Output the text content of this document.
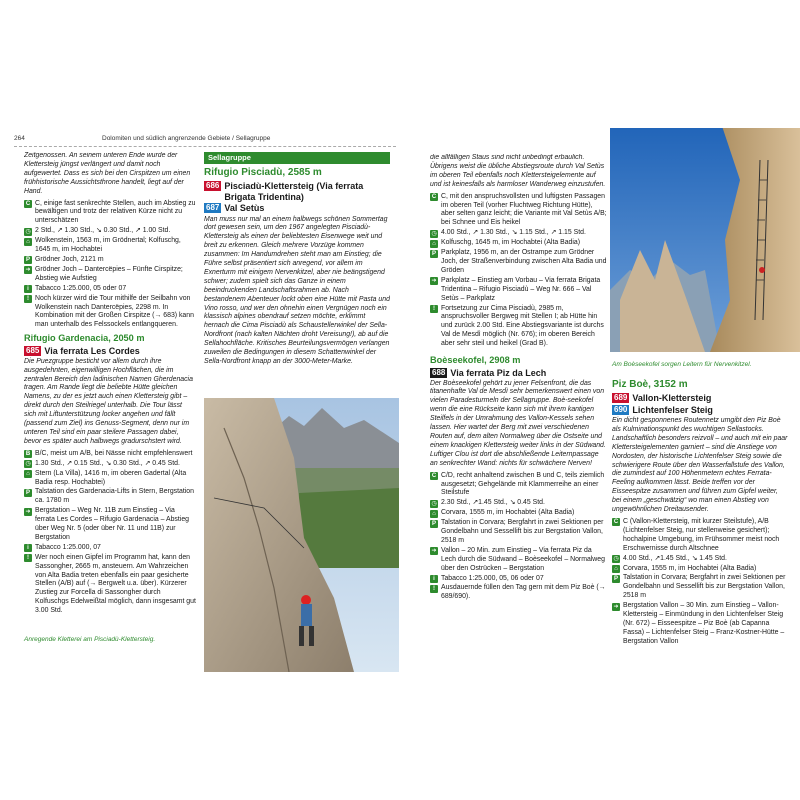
264	Dolomiten und südlich angrenzende Gebiete / Sellagruppe

Zeitgenossen. An seinem unteren Ende wurde der Klettersteig jüngst verlängert und damit noch aufgewertet. Dass es sich bei den Cirspitzen um einen frühhistorische Aussichtsthrone handelt, liegt auf der Hand.

C C, einige fast senkrechte Stellen, auch im Abstieg zu bewältigen und trotz der relativen Kürze nicht zu unterschätzen
◷ 2 Std., ↗ 1.30 Std., ↘ 0.30 Std., ↗ 1.00 Std.
⌂ Wolkenstein, 1563 m, im Grödnertal; Kolfuschg, 1645 m, im Hochabtei
P Grödner Joch, 2121 m
➜ Grödner Joch – Dantercëpies – Fünfte Cirspitze; Abstieg wie Aufstieg
i Tabacco 1:25.000, 05 oder 07
! Noch kürzer wird die Tour mithilfe der Seilbahn von Wolkenstein nach Dantercëpies, 2298 m. In Kombination mit der Großen Cirspitze (→ 683) kann man unterhalb des Felssockels entlangqueren.
Rifugio Gardenacia, 2050 m
685 Via ferrata Les Cordes

Die Puezgruppe besticht vor allem durch ihre ausgedehnten, eigenwilligen Hochflächen, die im zentralen Bereich den ladinischen Namen Gherdenacia tragen. Am Rande liegt die beliebte Hütte gleichen Namens, zu der es jetzt auch einen Klettersteig gibt – direkt durch den Steilriegel unterhalb. Die Tour lässt sich mit Liftunterstützung locker angehen und fällt (passend zum Ziel) ins Genuss-Segment, denn nur im unteren Teil sind ein paar steilere Passagen dabei, bevor es später auch halbwegs gradurschstert wird.

B B/C, meist um A/B, bei Nässe nicht empfehlenswert
◷ 1.30 Std., ↗ 0.15 Std., ↘ 0.30 Std., ↗ 0.45 Std.
⌂ Stern (La Villa), 1416 m, im oberen Gadertal (Alta Badia resp. Hochabtei)
P Talstation des Gardenacia-Lifts in Stern, Bergstation ca. 1780 m
➜ Bergstation – Weg Nr. 11B zum Einstieg – Via ferrata Les Cordes – Rifugio Gardenacia – Abstieg über Weg Nr. 5 (oder über Nr. 11 und 11B) zur Bergstation
i Tabacco 1:25.000, 07
! Wer noch einen Gipfel im Programm hat, kann den Sassongher, 2665 m, ansteuern. Am Wahrzeichen von Alta Badia treten ebenfalls ein paar gesicherte Stellen (A/B) auf (→ Bergwelt u.a. über). Kürzerer Zustieg zur Forcella di Sassongher durch Kolfuschgs Edelweißtal möglich, dann insgesamt gut 3.00 Std.
Anregende Kletterei am Pisciadù-Klettersteig.
Sellagruppe
Rifugio Pisciadù, 2585 m
686 Pisciadù-Klettersteig (Via ferrata Brigata Tridentina)
687 Val Setùs

Man muss nur mal an einem halbwegs schönen Sommertag dort gewesen sein, um den 1967 angelegten Pisciadù-Klettersteig als einen der beliebtesten Eisenwege weit und breit zu erkennen. Gleich mehrere Vorzüge kommen zusammen: Im Handumdrehen steht man am Einstieg; die Führe selbst präsentiert sich anregend, vor allem im Exnerturm mit einigem Nervenkitzel, aber nie beängstigend schwer; zudem spielt sich das Ganze in einem beeindruckenden Landschaftsrahmen ab. Nach bestandenem Abenteuer lockt oben eine Hütte mit Pasta und Vino rosso, und wer den ohnehin einen Vergnügen noch ein klassisch alpines obendrauf setzen möchte, erklimmt hernach die Cima Pisciadù als Schaustellerwinkel der Sella-Nordfront (nach kalten Nächten droht Vereisung!), ab auf die Sellahochfläche. Kritisches Beurteilungsvermögen verlangen zuweilen die Bedingungen in diesem Schattenwinkel der Sella-Nordfront knapp an der 3000-Meter-Marke.

die allfälligen Staus sind nicht unbedingt erbaulich. Übrigens weist die übliche Abstiegsroute durch Val Setùs im oberen Teil ebenfalls noch Klettersteigelemente auf und ist keinesfalls als harmloser Wanderweg einzustufen.

C C, mit den anspruchsvollsten und luftigsten Passagen im oberen Teil (vorher Fluchtweg Richtung Hütte), aber selten ganz leicht; die Variante mit Val Setùs A/B; bei Schnee und Eis heikel
◷ 4.00 Std., ↗ 1.30 Std., ↘ 1.15 Std., ↗ 1.15 Std.
⌂ Kolfuschg, 1645 m, im Hochabtei (Alta Badia)
P Parkplatz, 1956 m, an der Ostrampe zum Grödner Joch, der Straßenverbindung zwischen Alta Badia und Gröden
➜ Parkplatz – Einstieg am Vorbau – Via ferrata Brigata Tridentina – Rifugio Pisciadù – Weg Nr. 666 – Val Setùs – Parkplatz
! Fortsetzung zur Cima Pisciadù, 2985 m, anspruchsvoller Bergweg mit Stellen I; ab Hütte hin und zurück 2.00 Std. Eine Abstiegsvariante ist durchs Val de Mesdì möglich (Nr. 676); im oberen Bereich aber sehr steil und heikel (Grad B).
Boèseekofel, 2908 m
688 Via ferrata Piz da Lech

Der Boèseekofel gehört zu jener Felsenfront, die das titanenhafte Val de Mesdì sehr bemerkenswert einen von vielen Paradesturmeln der Sellagruppe. Boè-seekofel wenn die eine Rückseite kann sich mit ihrem kantigen Steilfels in der Umrahmung des Vallon-Kessels sehen lassen. Hier wartet der Berg mit zwei verschiedenen Routen auf, dem alten Normalweg über die Ostseite und einem knackigen Klettersteig weiter links in der Südwand. Luftiger Clou ist dort die abschließende Leiternpassage an senkrechter Wand: nichts für schwächere Nerven!

C C/D, recht anhaltend zwischen B und C, teils ziemlich ausgesetzt; Gehgelände mit Klammerreihe an einer Steilstufe
◷ 2.30 Std., ↗1.45 Std., ↘ 0.45 Std.
⌂ Corvara, 1555 m, im Hochabtei (Alta Badia)
P Talstation in Corvara; Bergfahrt in zwei Sektionen per Gondelbahn und Sessellift bis zur Bergstation Vallon, 2518 m
➜ Vallon – 20 Min. zum Einstieg – Via ferrata Piz da Lech durch die Südwand – Boèseekofel – Normalweg über den Ostrücken – Bergstation
i Tabacco 1:25.000, 05, 06 oder 07
! Ausdauernde füllen den Tag gern mit dem Piz Boè (→ 689/690).
Am Boèseekofel sorgen Leitern für Nervenkitzel.
Piz Boè, 3152 m
689 Vallon-Klettersteig
690 Lichtenfelser Steig

Ein dicht gesponnenes Routennetz umgibt den Piz Boè als Kulminationspunkt des wuchtigen Sellastocks. Landschaftlich besonders reizvoll – und auch mit ein paar Klettersteigelementen garniert – sind die Anstiege von Nordosten, der historische Lichtenfelser Steig sowie die schwierigere Route über den Wasserfallstufe des Vallon, die zumindest auf 100 Höhenmetern echtes Ferrata-Feeling aufkommen lässt. Beide treffen vor der Eisseespitze zusammen und führen zum Gipfel weiter, bei einem „geschwätzig“ wo man einen Abstieg von ungewöhnlichen Dreitausender.

C C (Vallon-Klettersteig, mit kurzer Steilstufe), A/B (Lichtenfelser Steig, nur stellenweise gesichert); hochalpine Umgebung, im Frühsommer meist noch Erschwernisse durch Altschnee
◷ 4.00 Std., ↗1.45 Std., ↘ 1.45 Std.
⌂ Corvara, 1555 m, im Hochabtei (Alta Badia)
P Talstation in Corvara; Bergfahrt in zwei Sektionen per Gondelbahn und Sessellift bis zur Bergstation Vallon, 2518 m
➜ Bergstation Vallon – 30 Min. zum Einstieg – Vallon-Klettersteig – Einmündung in den Lichtenfelser Steig (Nr. 672) – Eisseespitze – Piz Boè (ab Capanna Fassa) – Lichtenfelser Steig – Franz-Kostner-Hütte – Bergstation Vallon
